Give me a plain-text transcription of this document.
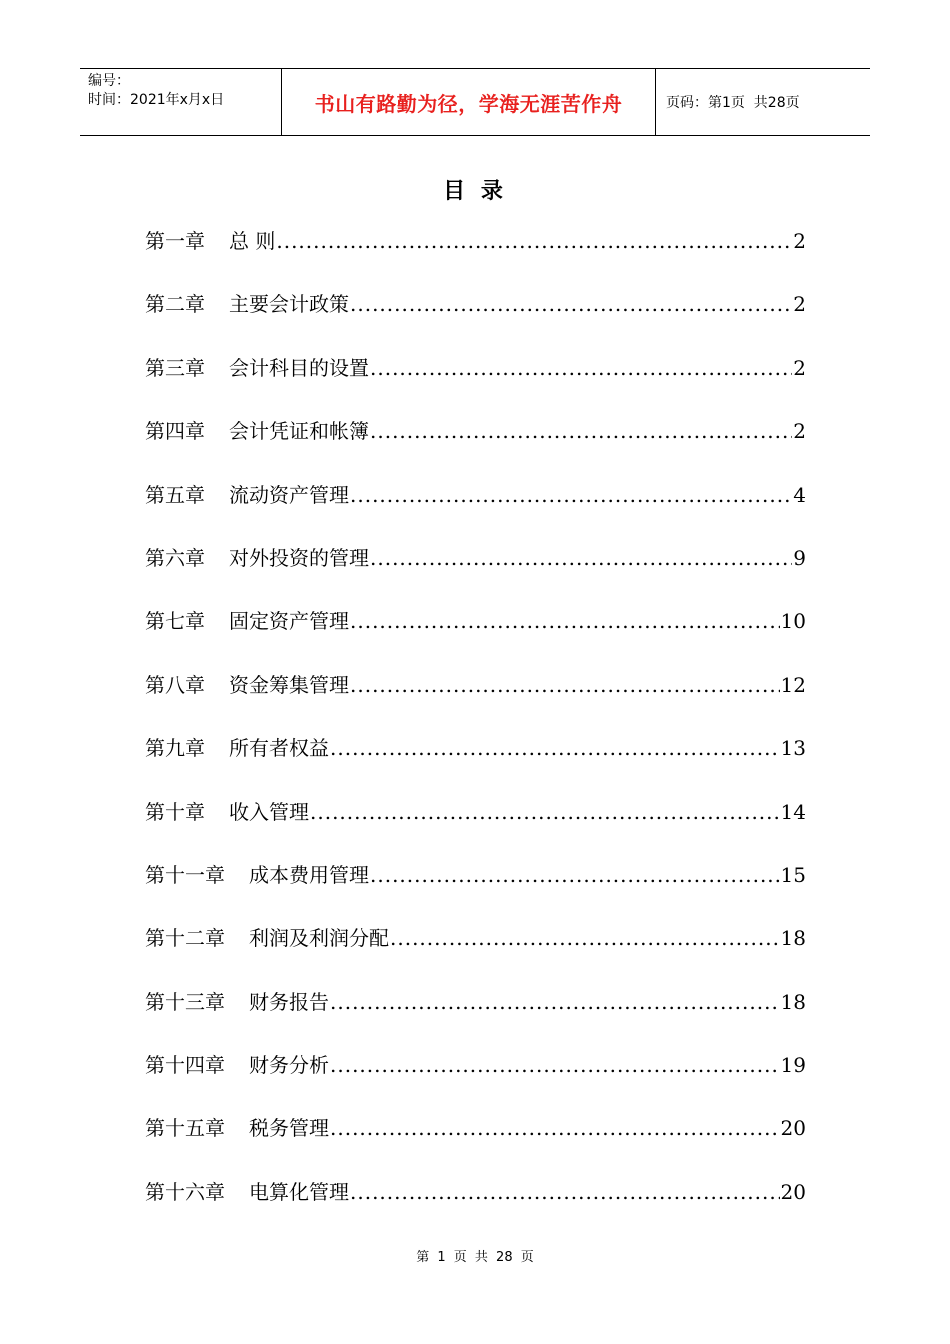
编号：
时间：2021年x月x日	书山有路勤为径，学海无涯苦作舟	页码：第1页  共28页
目 录
第一章 总 则 .....	2
第二章 主要会计政策 .....	2
第三章 会计科目的设置 .....	2
第四章 会计凭证和帐簿 .....	2
第五章 流动资产管理 .....	4
第六章 对外投资的管理 .....	9
第七章 固定资产管理 .....	10
第八章 资金筹集管理 .....	12
第九章 所有者权益 .....	13
第十章 收入管理 .....	14
第十一章 成本费用管理 .....	15
第十二章 利润及利润分配 .....	18
第十三章 财务报告 .....	18
第十四章 财务分析 .....	19
第十五章 税务管理 .....	20
第十六章 电算化管理 .....	20
第 1 页 共 28 页
